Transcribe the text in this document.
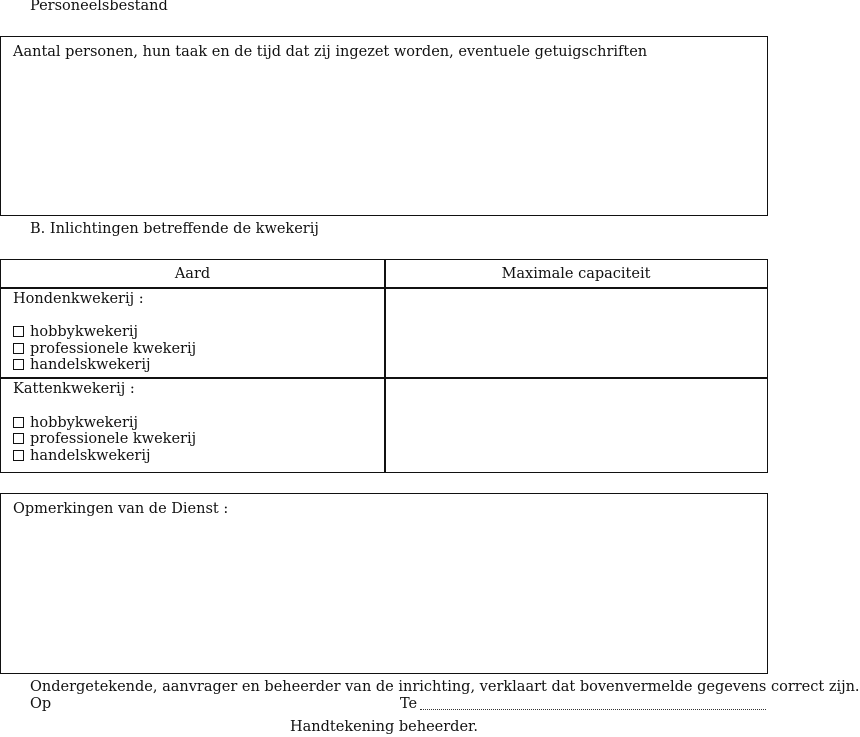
Personeelsbestand
Aantal personen, hun taak en de tijd dat zij ingezet worden, eventuele getuigschriften
B. Inlichtingen betreffende de kwekerij
Aard	Maximale capaciteit
Hondenkwekerij :
hobbykwekerij
professionele kwekerij
handelskwekerij
Kattenkwekerij :
hobbykwekerij
professionele kwekerij
handelskwekerij
Opmerkingen van de Dienst :
Ondergetekende, aanvrager en beheerder van de inrichting, verklaart dat bovenvermelde gegevens correct zijn.
Op	Te
Handtekening beheerder.
